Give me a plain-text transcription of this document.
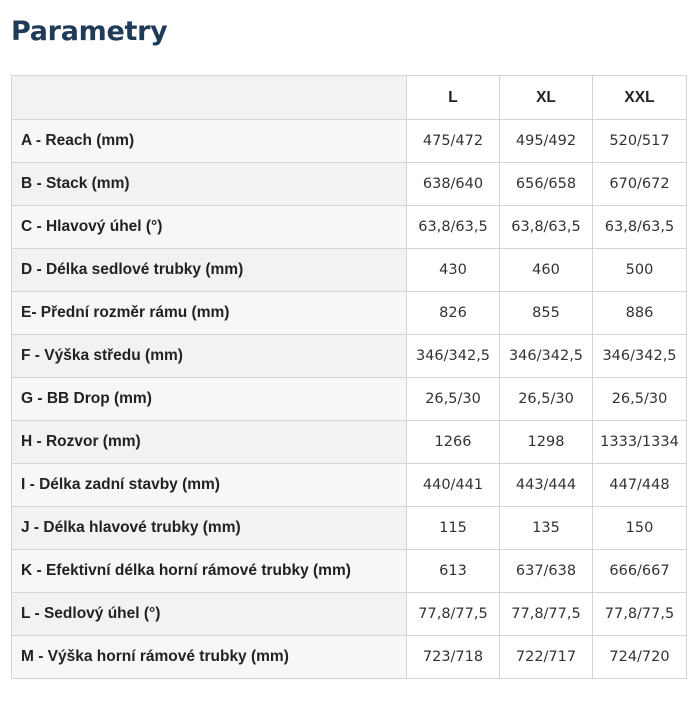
Parametry
	L	XL	XXL
A - Reach (mm)	475/472	495/492	520/517
B - Stack (mm)	638/640	656/658	670/672
C - Hlavový úhel (°)	63,8/63,5	63,8/63,5	63,8/63,5
D - Délka sedlové trubky (mm)	430	460	500
E- Přední rozměr rámu (mm)	826	855	886
F - Výška středu (mm)	346/342,5	346/342,5	346/342,5
G - BB Drop (mm)	26,5/30	26,5/30	26,5/30
H - Rozvor (mm)	1266	1298	1333/1334
I - Délka zadní stavby (mm)	440/441	443/444	447/448
J - Délka hlavové trubky (mm)	115	135	150
K - Efektivní délka horní rámové trubky (mm)	613	637/638	666/667
L - Sedlový úhel (°)	77,8/77,5	77,8/77,5	77,8/77,5
M - Výška horní rámové trubky (mm)	723/718	722/717	724/720
